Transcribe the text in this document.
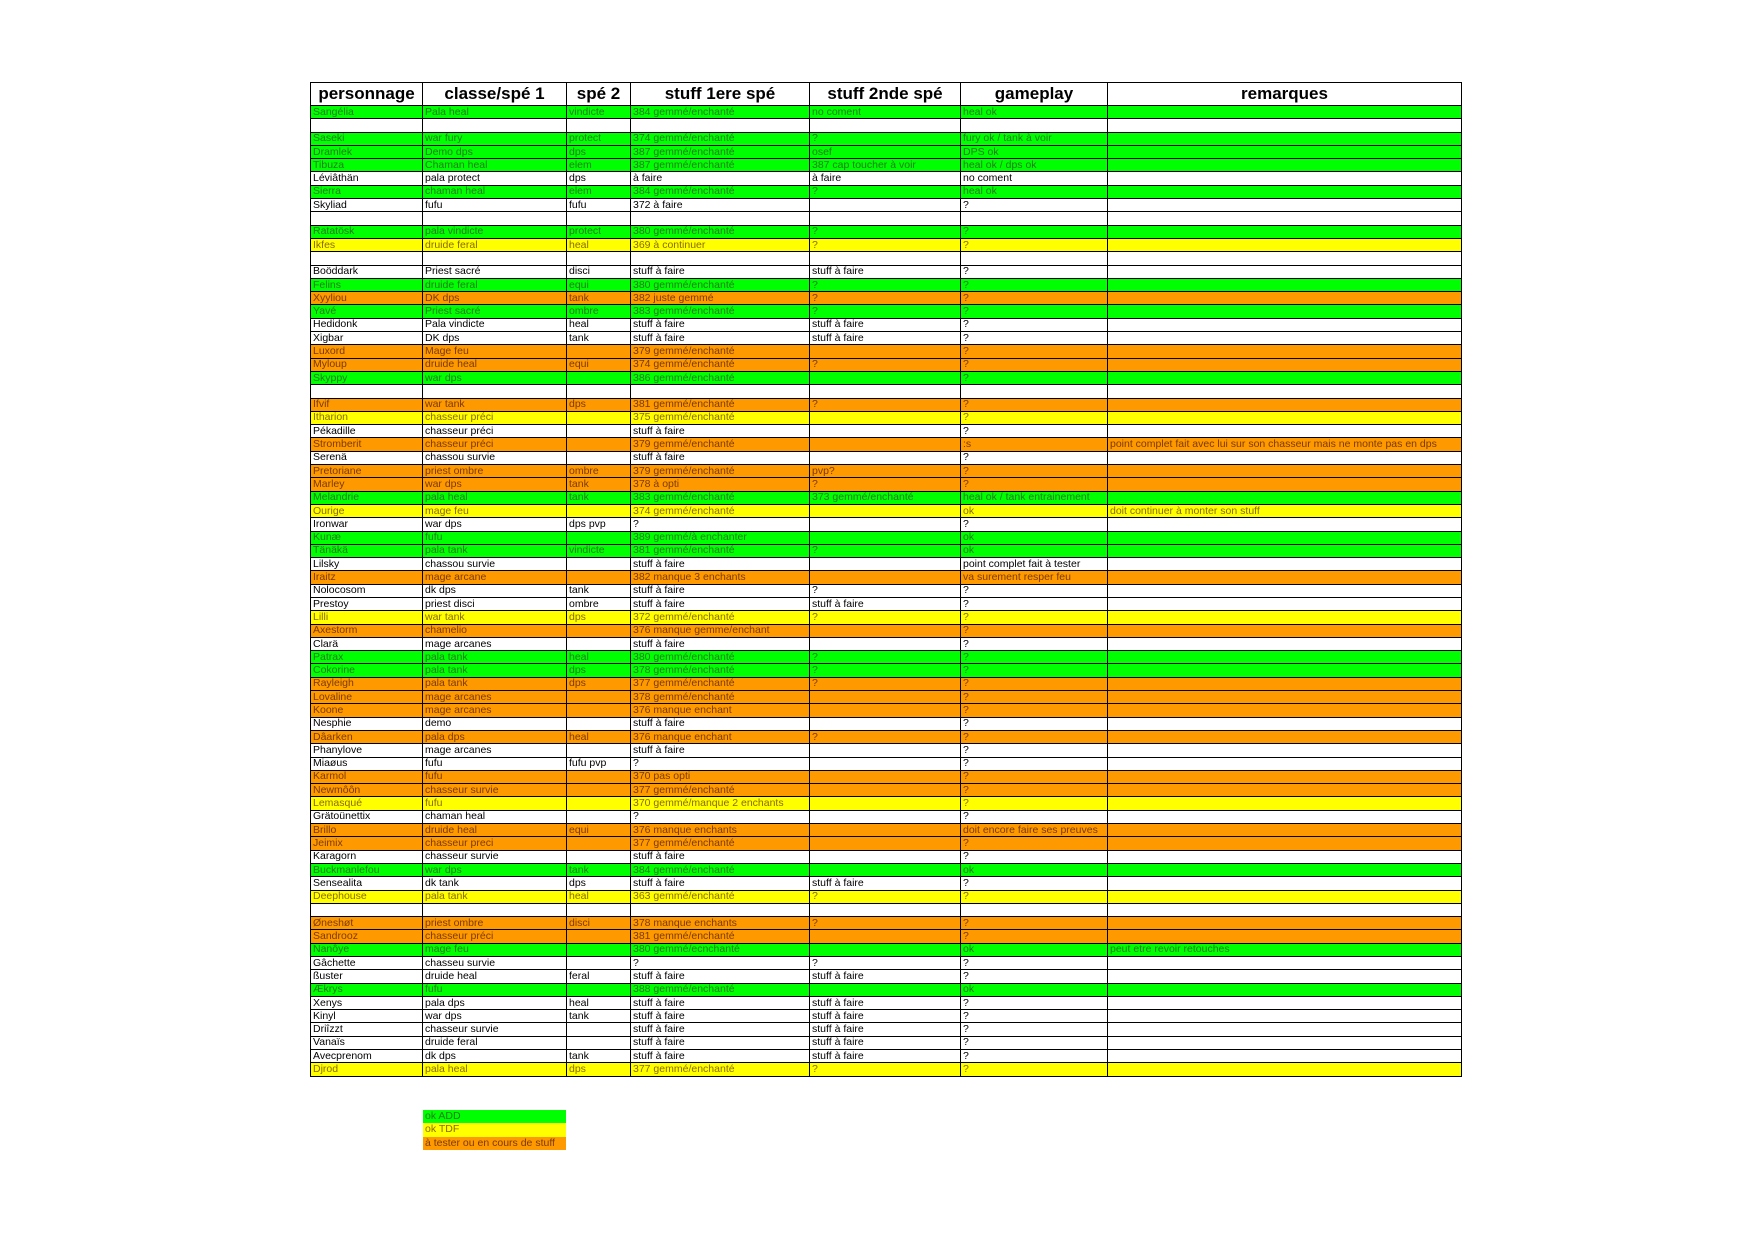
personnage	classe/spé 1	spé 2	stuff 1ere spé	stuff 2nde spé	gameplay	remarques
Sangélia	Pala heal	vindicte	384 gemmé/enchanté	no coment	heal ok	

Saseki	war fury	protect	374 gemmé/enchanté	?	fury ok / tank à voir	
Dramlek	Demo dps	dps	387 gemmé/enchanté	osef	DPS ok	
Tibuza	Chaman heal	elem	387 gemmé/enchanté	387 cap toucher à voir	heal ok / dps ok	
Léviâthän	pala protect	dps	à faire	à faire	no coment	
Sierra	chaman heal	elem	384 gemmé/enchanté	?	heal ok	
Skyliad	fufu	fufu	372 à faire		?	

Ratatösk	pala vindicte	protect	380 gemmé/enchanté	?	?	
Ikfes	druide feral	heal	369 à continuer	?	?	

Boöddark	Priest sacré	disci	stuff à faire	stuff à faire	?	
Felins	druide feral	equi	380 gemmé/enchanté	?	?	
Xyyliou	DK dps	tank	382 juste gemmé	?	?	
Yavé	Priest sacré	ombre	383 gemmé/enchanté	?	?	
Hedidonk	Pala vindicte	heal	stuff à faire	stuff à faire	?	
Xigbar	DK dps	tank	stuff à faire	stuff à faire	?	
Luxord	Mage feu		379 gemmé/enchanté		?	
Myloup	druide heal	equi	374 gemmé/enchanté	?	?	
Skyppy	war dps		386 gemmé/enchanté		?	

Ifvif	war tank	dps	381 gemmé/enchanté	?	?	
Itharion	chasseur préci		375 gemmé/enchanté		?	
Pékadille	chasseur préci		stuff à faire		?	
Stromberit	chasseur préci		379 gemmé/enchanté		:s	point complet fait avec lui sur son chasseur mais ne monte pas en dps
Serenä	chassou survie		stuff à faire		?	
Pretoriane	priest ombre	ombre	379 gemmé/enchanté	pvp?	?	
Marley	war dps	tank	378 à opti	?	?	
Melandrie	pala heal	tank	383 gemmé/enchanté	373 gemmé/enchanté	heal ok / tank entrainement	
Ourige	mage feu		374 gemmé/enchanté		ok	doit continuer à monter son stuff
Ironwar	war dps	dps pvp	?		?	
Kunæ	fufu		389 gemmé/à enchanter		ok	
Tänäkä	pala tank	vindicte	381 gemmé/enchanté	?	ok	
Lilsky	chassou survie		stuff à faire		point complet fait à tester	
Iraitz	mage arcane		382 manque 3 enchants		va surement resper feu	
Nolocosom	dk dps	tank	stuff à faire	?	?	
Prestoy	priest disci	ombre	stuff à faire	stuff à faire	?	
Lilli	war tank	dps	372 gemmé/enchanté	?	?	
Axestorm	chamelio		376 manque gemme/enchant		?	
Clarä	mage arcanes		stuff à faire		?	
Patrax	pala tank	heal	380 gemmé/enchanté	?	?	
Cokorine	pala tank	dps	378 gemmé/enchanté	?	?	
Rayleigh	pala tank	dps	377 gemmé/enchanté	?	?	
Lovaline	mage arcanes		378 gemmé/enchanté		?	
Koone	mage arcanes		376 manque enchant		?	
Nesphie	demo		stuff à faire		?	
Dâarken	pala dps	heal	376 manque enchant	?	?	
Phanylove	mage arcanes		stuff à faire		?	
Miaøus	fufu	fufu pvp	?		?	
Karmol	fufu		370 pas opti		?	
Newmôôn	chasseur survie		377 gemmé/enchanté		?	
Lemasqué	fufu		370 gemmé/manque 2 enchants		?	
Grätoünettix	chaman heal		?		?	
Brillo	druide heal	equi	376 manque enchants		doit encore faire ses preuves	
Jeimix	chasseur preci		377 gemmé/enchanté		?	
Karagorn	chasseur survie		stuff à faire		?	
Buckmanlefou	war dps	tank	384 gemmé/enchanté		ok	
Sensealita	dk tank	dps	stuff à faire	stuff à faire	?	
Deephouse	pala tank	heal	363 gemmé/enchanté	?	?	

Øneshøt	priest ombre	disci	378 manque enchants	?	?	
Sandrooz	chasseur préci		381 gemmé/enchanté		?	
Nanôye	mage feu		380 gemmé/ecnchanté		ok	peut etre revoir retouches
Gâchette	chasseu survie		?	?	?	
ßuster	druide heal	feral	stuff à faire	stuff à faire	?	
Ækrys	fufu		388 gemmé/enchanté		ok	
Xenys	pala dps	heal	stuff à faire	stuff à faire	?	
Kinyl	war dps	tank	stuff à faire	stuff à faire	?	
Driîzzt	chasseur survie		stuff à faire	stuff à faire	?	
Vanaïs	druide feral		stuff à faire	stuff à faire	?	
Avecprenom	dk dps	tank	stuff à faire	stuff à faire	?	
Djrod	pala heal	dps	377 gemmé/enchanté	?	?	
ok ADD
ok TDF
à tester ou en cours de stuff
